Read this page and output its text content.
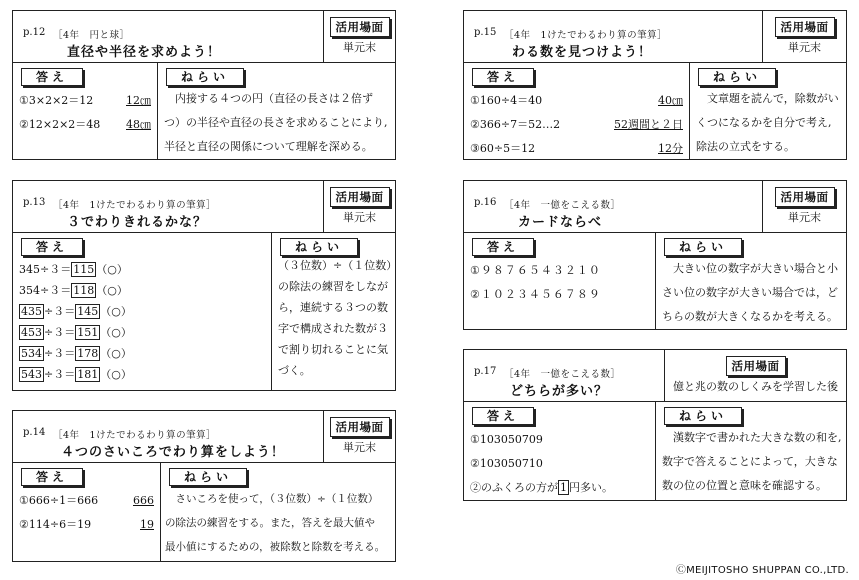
p.12 ［4年　円と球］
直径や半径を求めよう！
活用場面
単元末
答え
①3×2×2＝12	12㎝
②12×2×2＝48 48㎝
ねらい
　内接する４つの円（直径の長さは２倍ず
つ）の半径や直径の長さを求めることにより,
半径と直径の関係について理解を深める。
p.13 ［4年　1けたでわるわり算の筆算］
３でわりきれるかな？
活用場面
単元末
答え
345÷３＝ 115 （○）
354÷３＝ 118 （○）
435 ÷３＝ 145 （○）
453 ÷３＝ 151 （○）
534 ÷３＝ 178 （○）
543 ÷３＝ 181 （○）
ねらい
（３位数）÷（１位数）
の除法の練習をしなが
ら，連続する３つの数
字で構成された数が３
で割り切れることに気
づく。
p.14 ［4年　1けたでわるわり算の筆算］
４つのさいころでわり算をしよう！
活用場面
単元末
答え
①666÷1＝666	666
②114÷6＝19	19
ねらい
　さいころを使って，（３位数）÷（１位数）
の除法の練習をする。また，答えを最大値や
最小値にするための，被除数と除数を考える。
p.15 ［4年　1けたでわるわり算の筆算］
わる数を見つけよう！
活用場面
単元末
答え
①160÷4＝40	40㎝
②366÷7＝52…2	52週間と２日
③60÷5＝12	12分
ねらい
　文章題を読んで，除数がい
くつになるかを自分で考え,
除法の立式をする。
p.16 ［4年　一億をこえる数］
カードならべ
活用場面
単元末
答え
①９８７６５４３２１０
②１０２３４５６７８９
ねらい
　大きい位の数字が大きい場合と小
さい位の数字が大きい場合では，ど
ちらの数が大きくなるかを考える。
p.17 ［4年　一億をこえる数］
どちらが多い？
活用場面
億と兆の数のしくみを学習した後
答え
①103050709
②103050710
②のふくろの方が 1 円多い。
ねらい
　漢数字で書かれた大きな数の和を,
数字で答えることによって，大きな
数の位の位置と意味を確認する。
ⒸMEIJITOSHO SHUPPAN CO.,LTD.
